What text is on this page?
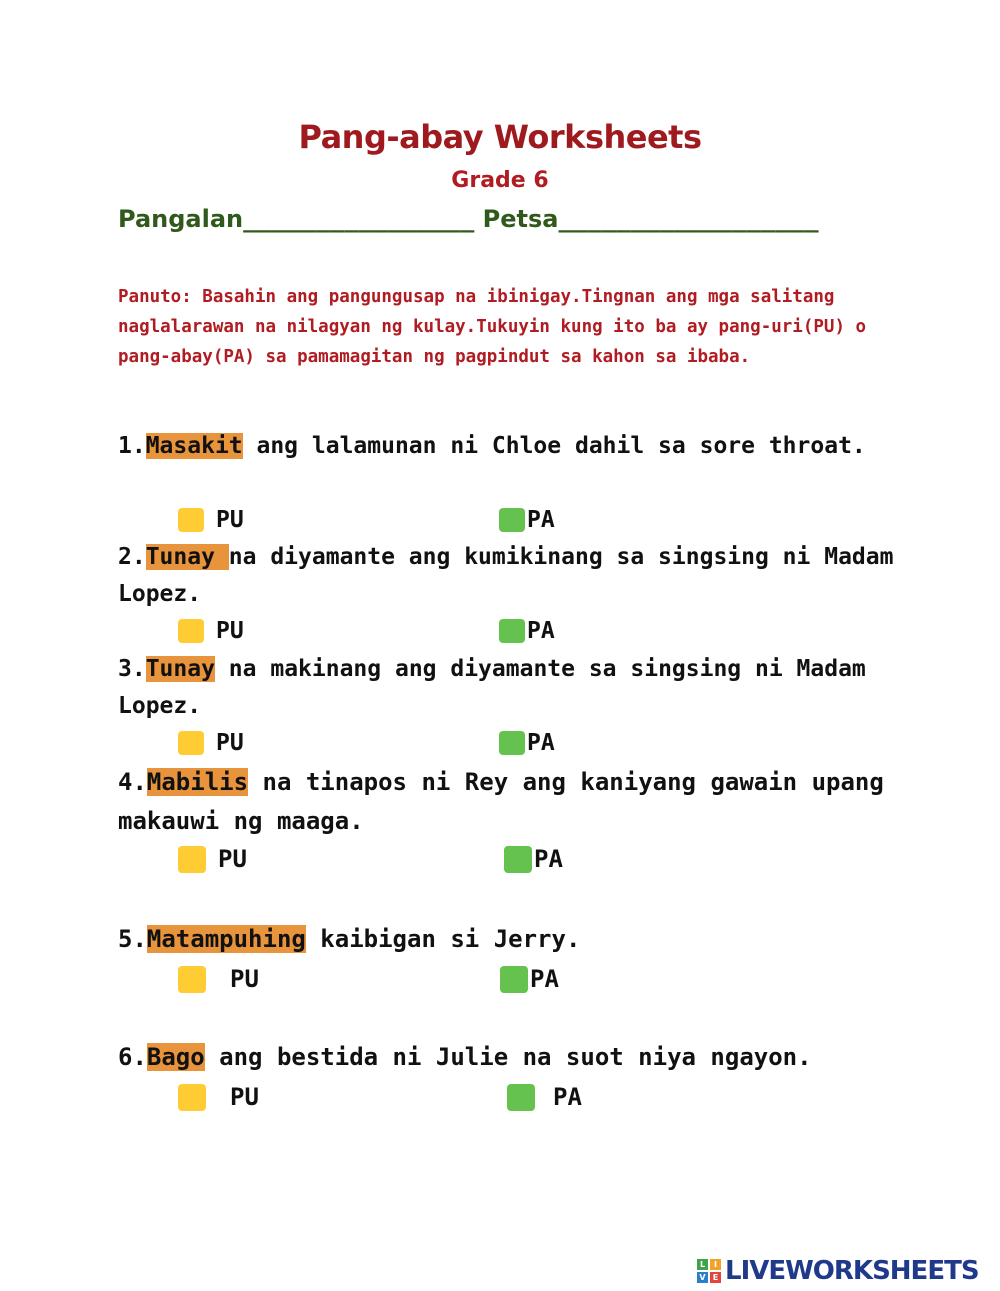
Pang-abay Worksheets
Grade 6
Pangalan________________ Petsa__________________
Panuto: Basahin ang pangungusap na ibinigay.Tingnan ang mga salitang naglalarawan na nilagyan ng kulay.Tukuyin kung ito ba ay pang-uri(PU) o pang-abay(PA) sa pamamagitan ng pagpindut sa kahon sa ibaba.
1.Masakit ang lalamunan ni Chloe dahil sa sore throat.
PU	PA
2.Tunay na diyamante ang kumikinang sa singsing ni Madam Lopez.
PU	PA
3.Tunay na makinang ang diyamante sa singsing ni Madam Lopez.
PU	PA
4.Mabilis na tinapos ni Rey ang kaniyang gawain upang makauwi ng maaga.
PU	PA
5.Matampuhing kaibigan si Jerry.
PU	PA
6.Bago ang bestida ni Julie na suot niya ngayon.
PU	PA
L	I
V E LIVEWORKSHEETS
